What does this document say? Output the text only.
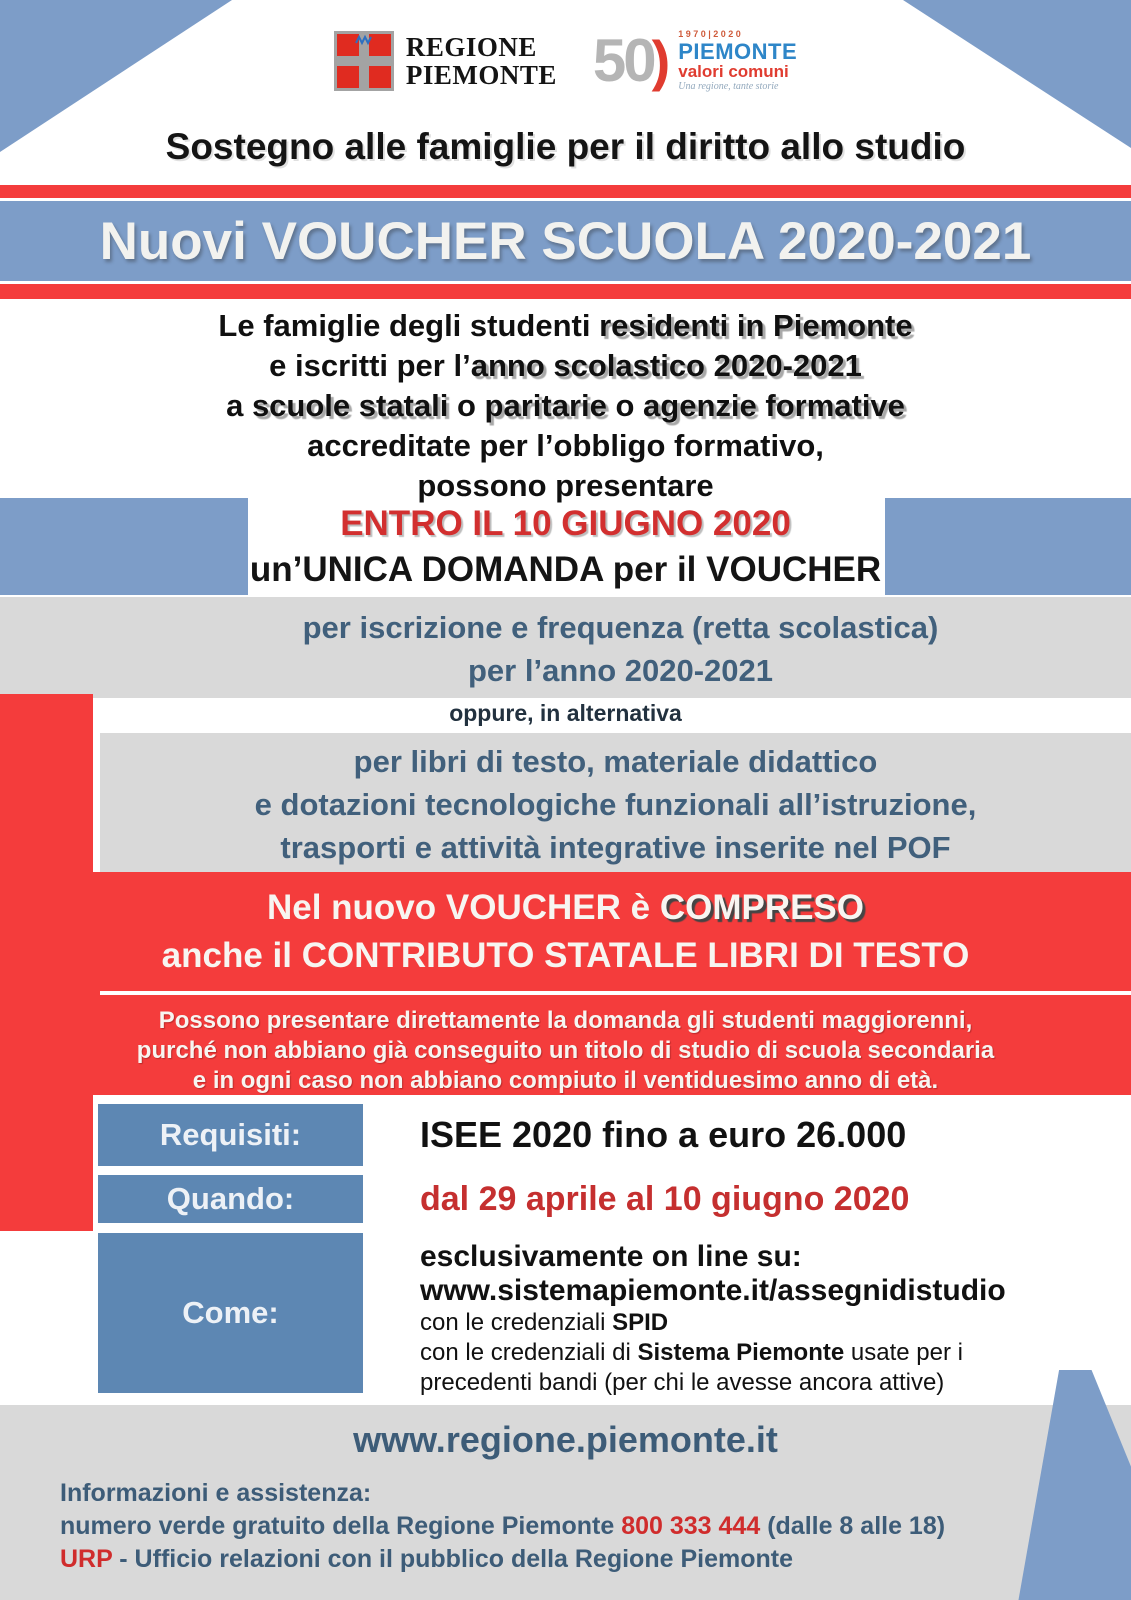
REGIONE
PIEMONTE 50
) 1970|2020
PIEMONTE
valori comuni
Una regione, tante storie
Sostegno alle famiglie per il diritto allo studio
Nuovi VOUCHER SCUOLA 2020-2021
Le famiglie degli studenti residenti in Piemonte
e iscritti per l’anno scolastico 2020-2021
a scuole statali o paritarie o agenzie formative
accreditate per l’obbligo formativo,
possono presentare
ENTRO IL 10 GIUGNO 2020
un’UNICA DOMANDA per il VOUCHER
per iscrizione e frequenza (retta scolastica)
per l’anno 2020-2021
oppure, in alternativa
per libri di testo, materiale didattico
e dotazioni tecnologiche funzionali all’istruzione,
trasporti e attività integrative inserite nel POF
Nel nuovo VOUCHER è COMPRESO
anche il CONTRIBUTO STATALE LIBRI DI TESTO
Possono presentare direttamente la domanda gli studenti maggiorenni,
purché non abbiano già conseguito un titolo di studio di scuola secondaria
e in ogni caso non abbiano compiuto il ventiduesimo anno di età.
Requisiti:	ISEE 2020 fino a euro 26.000
Quando:	dal 29 aprile al 10 giugno 2020
Come:
esclusivamente on line su:
www.sistemapiemonte.it/assegnidistudio
con le credenziali SPID
con le credenziali di Sistema Piemonte usate per i
precedenti bandi (per chi le avesse ancora attive)
www.regione.piemonte.it
Informazioni e assistenza:
numero verde gratuito della Regione Piemonte 800 333 444 (dalle 8 alle 18)
URP - Ufficio relazioni con il pubblico della Regione Piemonte
